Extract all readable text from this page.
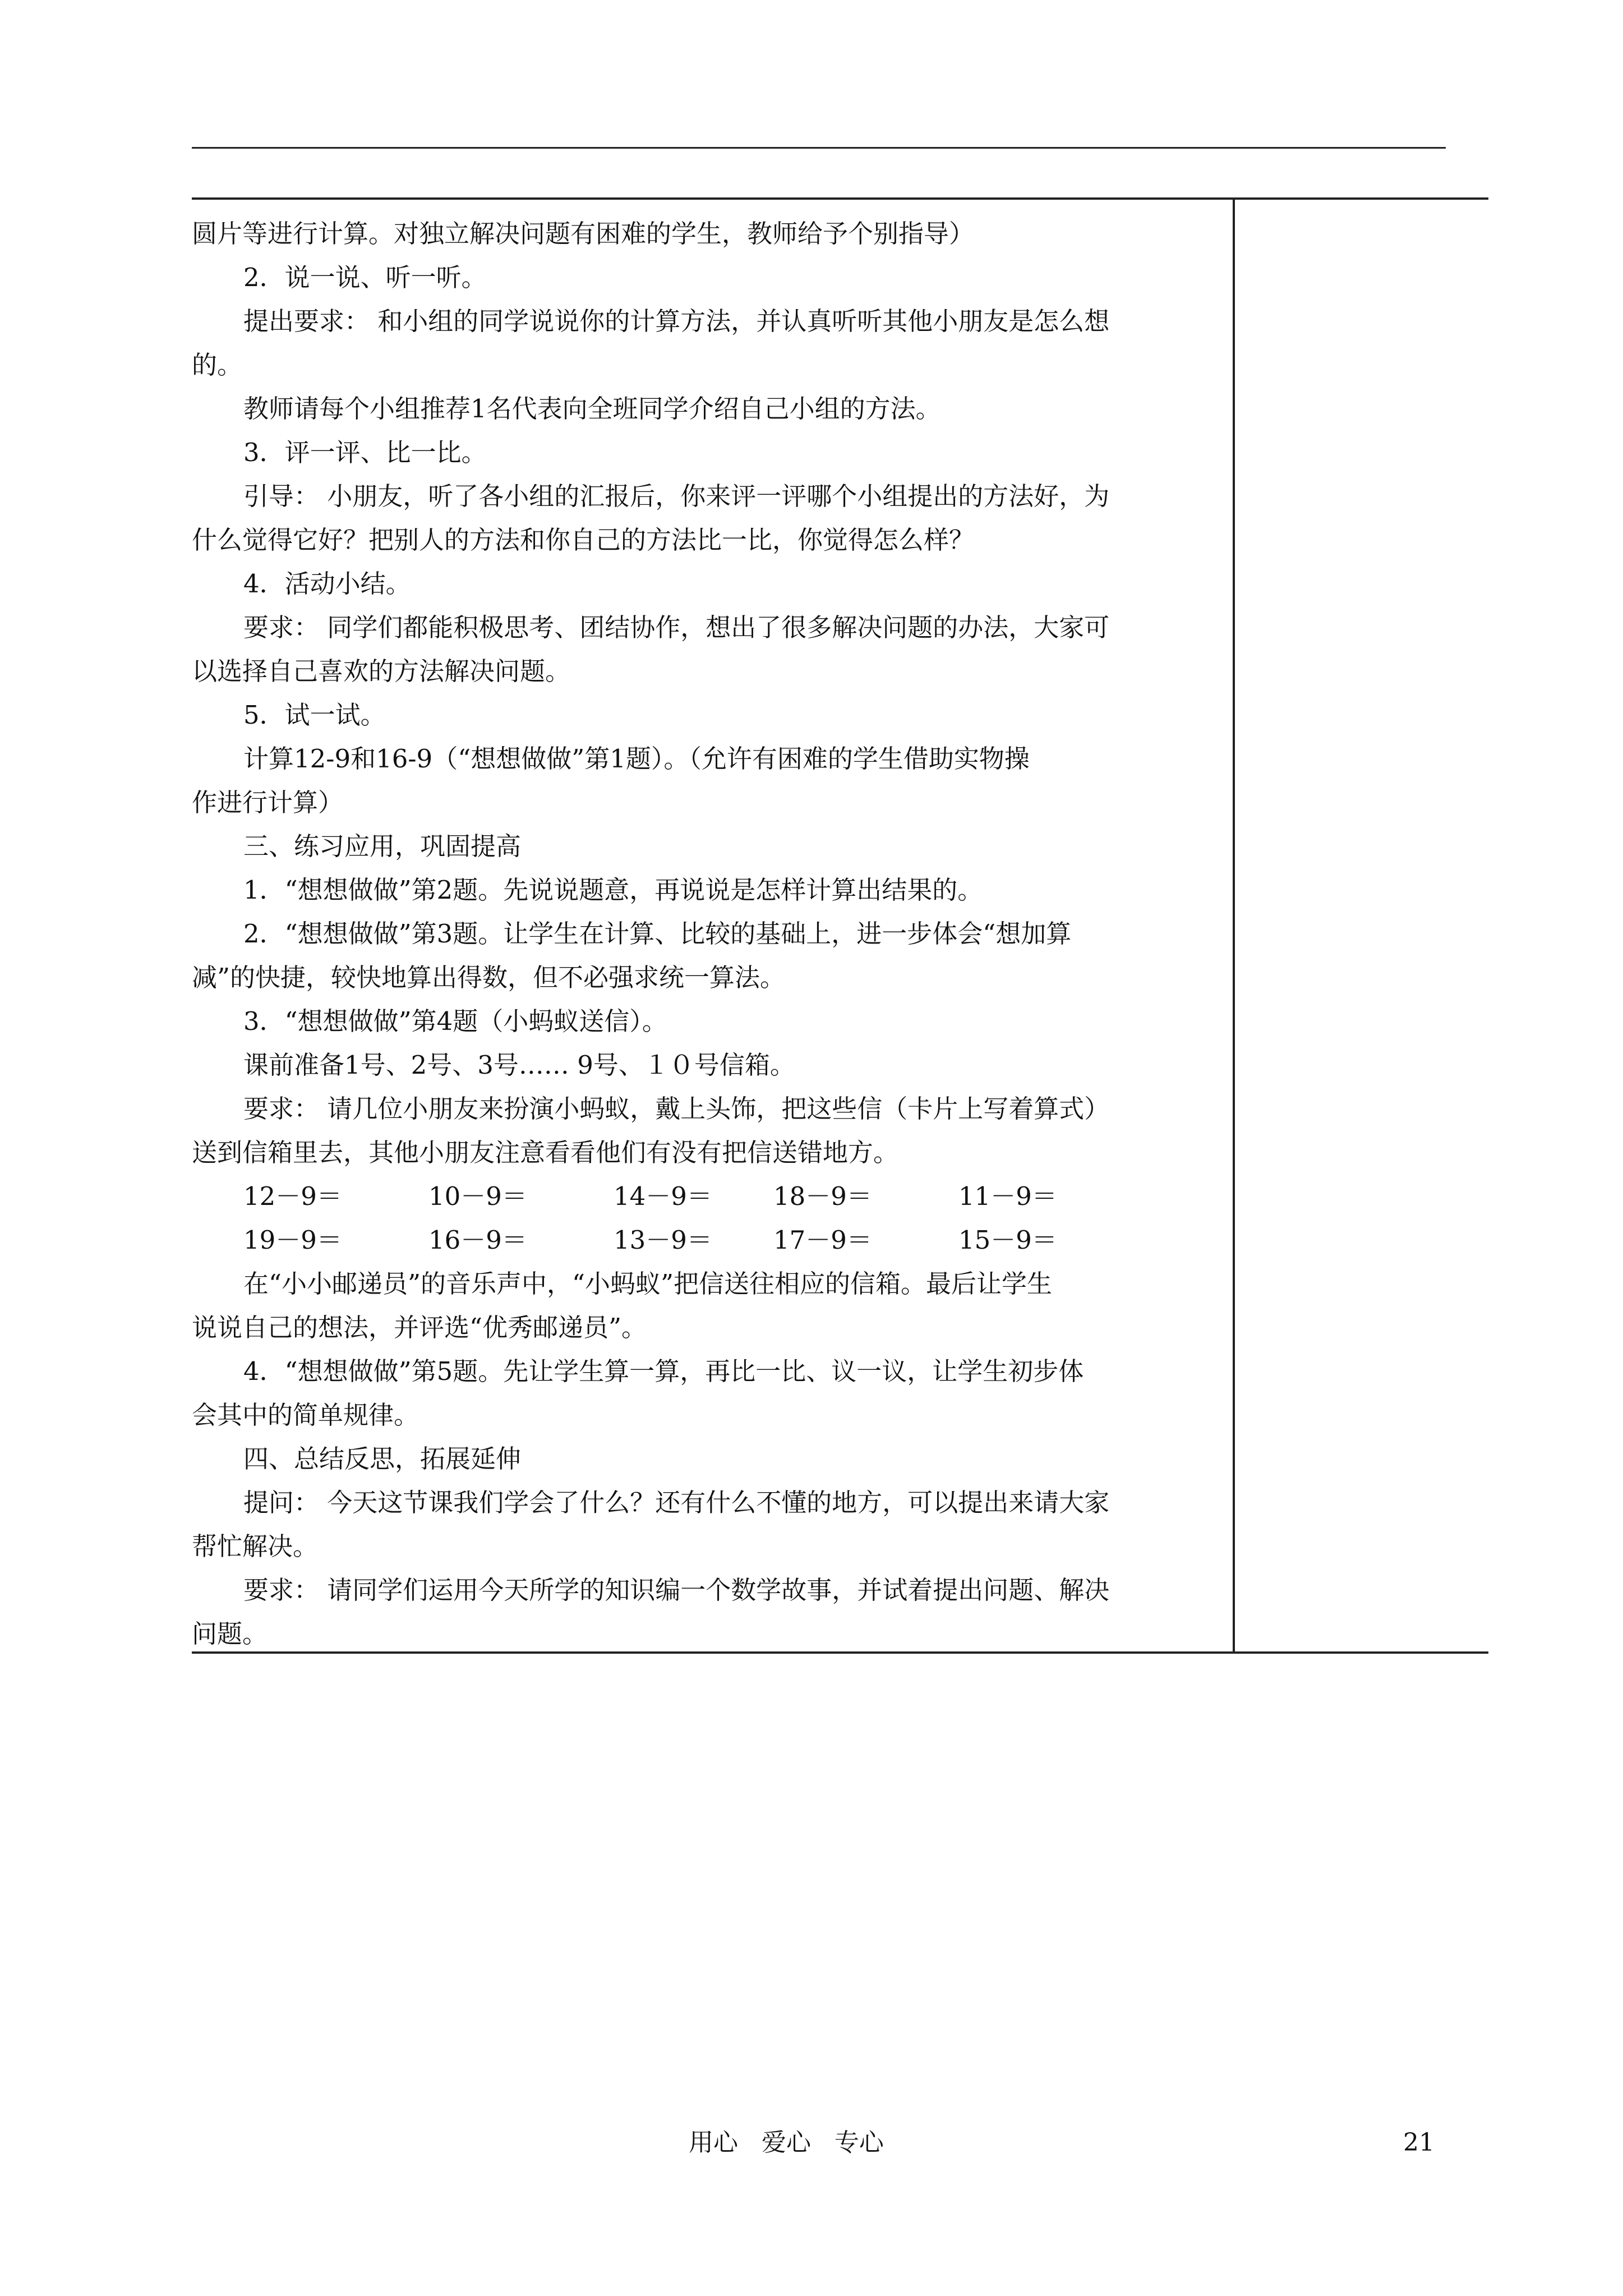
圆片等进行计算。对独立解决问题有困难的学生，教师给予个别指导）
2．说一说、听一听。
提出要求： 和小组的同学说说你的计算方法，并认真听听其他小朋友是怎么想
的。
教师请每个小组推荐1名代表向全班同学介绍自己小组的方法。
3．评一评、比一比。
引导： 小朋友，听了各小组的汇报后，你来评一评哪个小组提出的方法好，为
什么觉得它好？把别人的方法和你自己的方法比一比，你觉得怎么样？
4．活动小结。
要求： 同学们都能积极思考、团结协作，想出了很多解决问题的办法，大家可
以选择自己喜欢的方法解决问题。
5．试一试。
计算12-9和16-9（“想想做做”第1题）。（允许有困难的学生借助实物操
作进行计算）
三、练习应用，巩固提高
1．“想想做做”第2题。先说说题意，再说说是怎样计算出结果的。
2．“想想做做”第3题。让学生在计算、比较的基础上，进一步体会“想加算
减”的快捷，较快地算出得数，但不必强求统一算法。
3．“想想做做”第4题（小蚂蚁送信）。
课前准备1号、2号、3号…… 9号、１０号信箱。
要求： 请几位小朋友来扮演小蚂蚁，戴上头饰，把这些信（卡片上写着算式）
送到信箱里去，其他小朋友注意看看他们有没有把信送错地方。
12－9＝	10－9＝	14－9＝	18－9＝	11－9＝
19－9＝	16－9＝	13－9＝	17－9＝	15－9＝
在“小小邮递员”的音乐声中，“小蚂蚁”把信送往相应的信箱。最后让学生
说说自己的想法，并评选“优秀邮递员”。
4．“想想做做”第5题。先让学生算一算，再比一比、议一议，让学生初步体
会其中的简单规律。
四、总结反思，拓展延伸
提问： 今天这节课我们学会了什么？还有什么不懂的地方，可以提出来请大家
帮忙解决。
要求： 请同学们运用今天所学的知识编一个数学故事，并试着提出问题、解决
问题。
用心   爱心   专心	21
